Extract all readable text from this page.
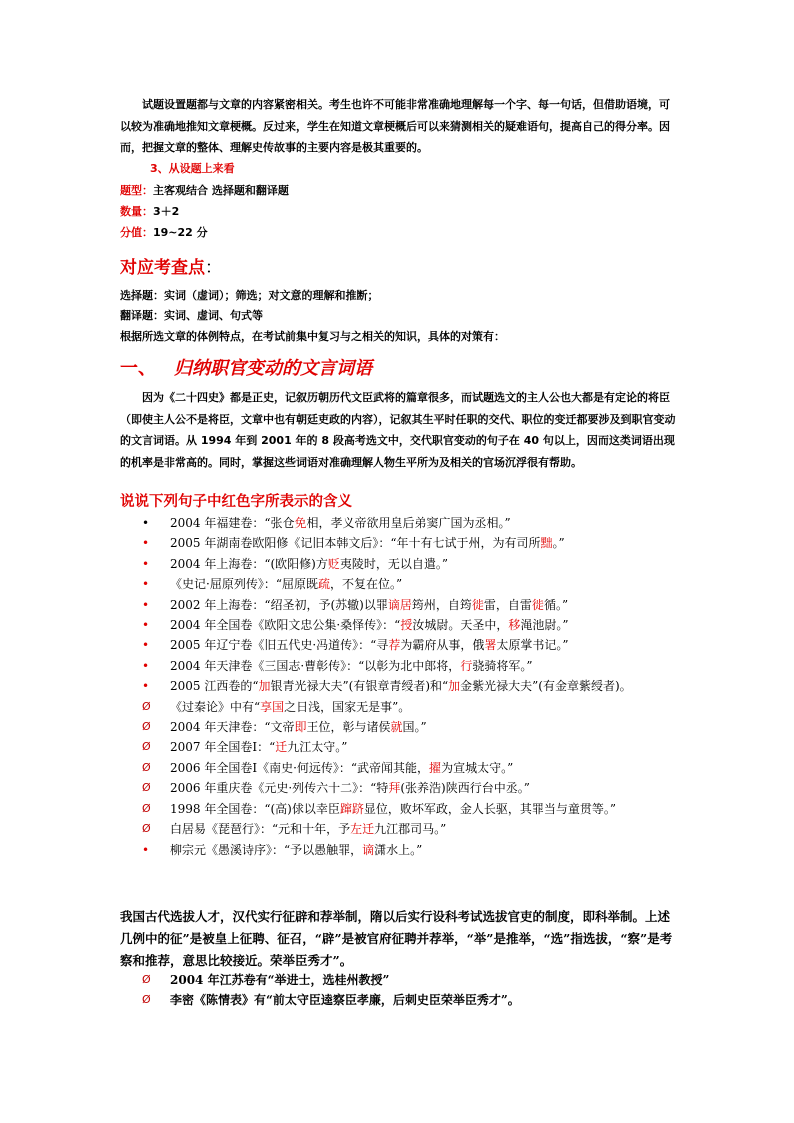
试题设置题都与文章的内容紧密相关。考生也许不可能非常准确地理解每一个字、每一句话，但借助语境，可以较为准确地推知文章梗概。反过来，学生在知道文章梗概后可以来猜测相关的疑难语句，提高自己的得分率。因而，把握文章的整体、理解史传故事的主要内容是极其重要的。
3、从设题上来看
题型：主客观结合 选择题和翻译题
数量：3＋2
分值：19~22 分
对应考查点：
选择题：实词（虚词）；筛选；对文意的理解和推断；
翻译题：实词、虚词、句式等
根据所选文章的体例特点，在考试前集中复习与之相关的知识，具体的对策有：
一、 归纳职官变动的文言词语
因为《二十四史》都是正史，记叙历朝历代文臣武将的篇章很多，而试题选文的主人公也大都是有定论的将臣（即使主人公不是将臣，文章中也有朝廷吏政的内容），记叙其生平时任职的交代、职位的变迁都要涉及到职官变动的文言词语。从 1994 年到 2001 年的 8 段高考选文中，交代职官变动的句子在 40 句以上，因而这类词语出现的机率是非常高的。同时，掌握这些词语对准确理解人物生平所为及相关的官场沉浮很有帮助。
说说下列句子中红色字所表示的含义
•	2004 年福建卷：“张仓免相，孝义帝欲用皇后弟窦广国为丞相。”
•	2005 年湖南卷欧阳修《记旧本韩文后》：“年十有七试于州，为有司所黜。”
•	2004 年上海卷：“(欧阳修)方贬夷陵时，无以自遣。”
•	《史记·屈原列传》：“屈原既疏，不复在位。”
•	2002 年上海卷：“绍圣初，予(苏辙)以罪谪居筠州，自筠徙雷，自雷徙循。”
•	2004 年全国卷《欧阳文忠公集·桑怿传》：“授汝城尉。天圣中，移渑池尉。”
•	2005 年辽宁卷《旧五代史·冯道传》：“寻荐为霸府从事，俄署太原掌书记。”
•	2004 年天津卷《三国志·曹彰传》：“以彰为北中郎将，行骁骑将军。”
•	2005 江西卷的“加银青光禄大夫”(有银章青绶者)和“加金紫光禄大夫”(有金章紫绶者)。
Ø	《过秦论》中有“享国之日浅，国家无是事”。
Ø	2004 年天津卷：“文帝即王位，彰与诸侯就国。”
Ø	2007 年全国卷Ⅰ：“迁九江太守。”
Ø	2006 年全国卷Ⅰ《南史·何远传》：“武帝闻其能，擢为宣城太守。”
Ø	2006 年重庆卷《元史·列传六十二》：“特拜(张养浩)陕西行台中丞。”
Ø	1998 年全国卷：“(高)俅以幸臣蹿跻显位，败坏军政，金人长驱，其罪当与童贯等。”
Ø	白居易《琵琶行》：“元和十年，予左迁九江郡司马。”
•	柳宗元《愚溪诗序》：“予以愚触罪，谪潇水上。”
我国古代选拔人才，汉代实行征辟和荐举制，隋以后实行设科考试选拔官吏的制度，即科举制。上述几例中的征”是被皇上征聘、征召，“辟”是被官府征聘并荐举，“举”是推举，“选”指选拔，“察”是考察和推荐，意思比较接近。荣举臣秀才”。
Ø	2004 年江苏卷有“举进士，选桂州教授”
Ø	李密《陈情表》有“前太守臣逵察臣孝廉，后刺史臣荣举臣秀才”。
